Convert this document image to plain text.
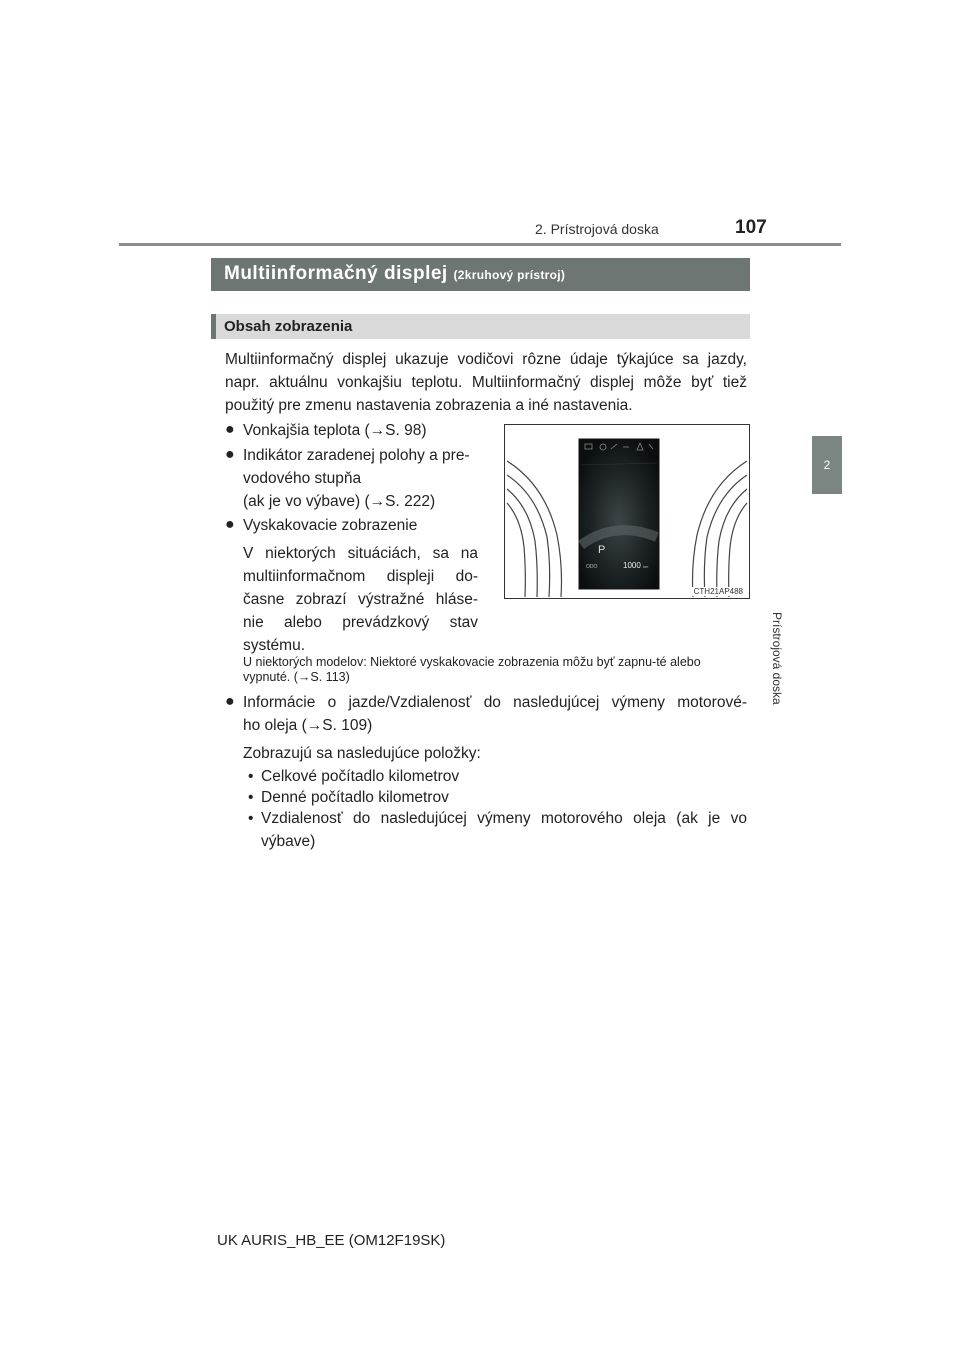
2. Prístrojová doska	107
2
Prístrojová doska
Multiinformačný displej (2kruhový prístroj)
Obsah zobrazenia
Multiinformačný displej ukazuje vodičovi rôzne údaje týkajúce sa jazdy, napr. aktuálnu vonkajšiu teplotu. Multiinformačný displej môže byť tiež použitý pre zmenu nastavenia zobrazenia a iné nastavenia.
● Vonkajšia teplota (→S. 98)
● Indikátor zaradenej polohy a pre-
vodového stupňa
(ak je vo výbave) (→S. 222)
● Vyskakovacie zobrazenie
V niektorých situáciách, sa na
multiinformačnom displeji do-
časne zobrazí výstražné hláse-
nie alebo prevádzkový stav
systému.
U niektorých modelov: Niektoré vyskakovacie zobrazenia môžu byť zapnu-té alebo vypnuté. (→S. 113)
● Informácie o jazde/Vzdialenosť do nasledujúcej výmeny motorové-
ho oleja (→S. 109)
Zobrazujú sa nasledujúce položky:
• Celkové počítadlo kilometrov
• Denné počítadlo kilometrov
• Vzdialenosť do nasledujúcej výmeny motorového oleja (ak je vo
výbave)
P
ODO	1000 km
CTH21AP488
UK AURIS_HB_EE (OM12F19SK)
